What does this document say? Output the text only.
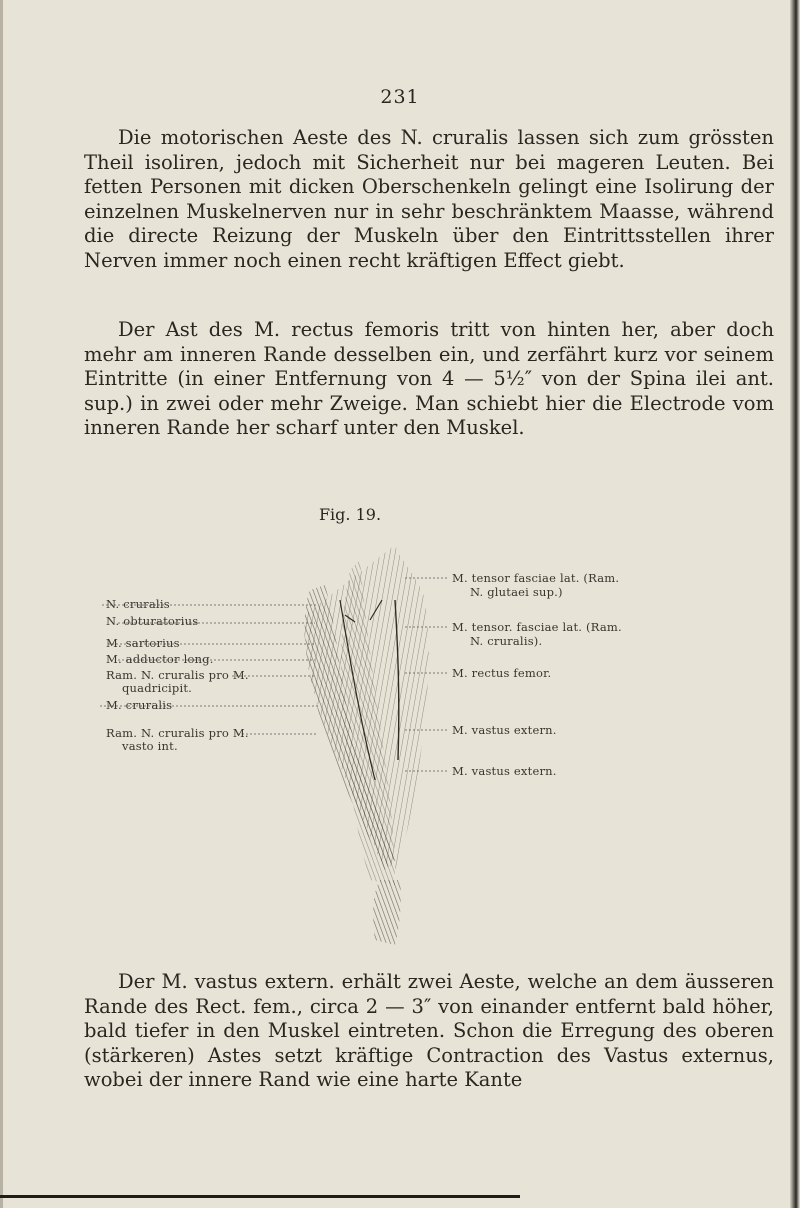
231

Die motorischen Aeste des N. cruralis lassen sich zum grössten Theil isoliren, jedoch mit Sicherheit nur bei mageren Leuten. Bei fetten Personen mit dicken Oberschenkeln gelingt eine Isolirung der einzelnen Muskelnerven nur in sehr beschränktem Maasse, während die directe Reizung der Muskeln über den Eintrittsstellen ihrer Nerven immer noch einen recht kräftigen Effect giebt.

Der Ast des M. rectus femoris tritt von hinten her, aber doch mehr am inneren Rande desselben ein, und zerfährt kurz vor seinem Eintritte (in einer Entfernung von 4 — 5½″ von der Spina ilei ant. sup.) in zwei oder mehr Zweige. Man schiebt hier die Electrode vom inneren Rande her scharf unter den Muskel.

Fig. 19.
N. cruralis
N. obturatorius
M. sartorius
M. adductor long.
Ram. N. cruralis pro M.
quadricipit.
M. cruralis
Ram. N. cruralis pro M.
vasto int.
M. tensor fasciae lat. (Ram.
N. glutaei sup.)
M. tensor. fasciae lat. (Ram.
N. cruralis).
M. rectus femor.
M. vastus extern.
M. vastus extern.

Der M. vastus extern. erhält zwei Aeste, welche an dem äusseren Rande des Rect. fem., circa 2 — 3″ von einander entfernt bald höher, bald tiefer in den Muskel eintreten. Schon die Erregung des oberen (stärkeren) Astes setzt kräftige Contraction des Vastus externus, wobei der innere Rand wie eine harte Kante
